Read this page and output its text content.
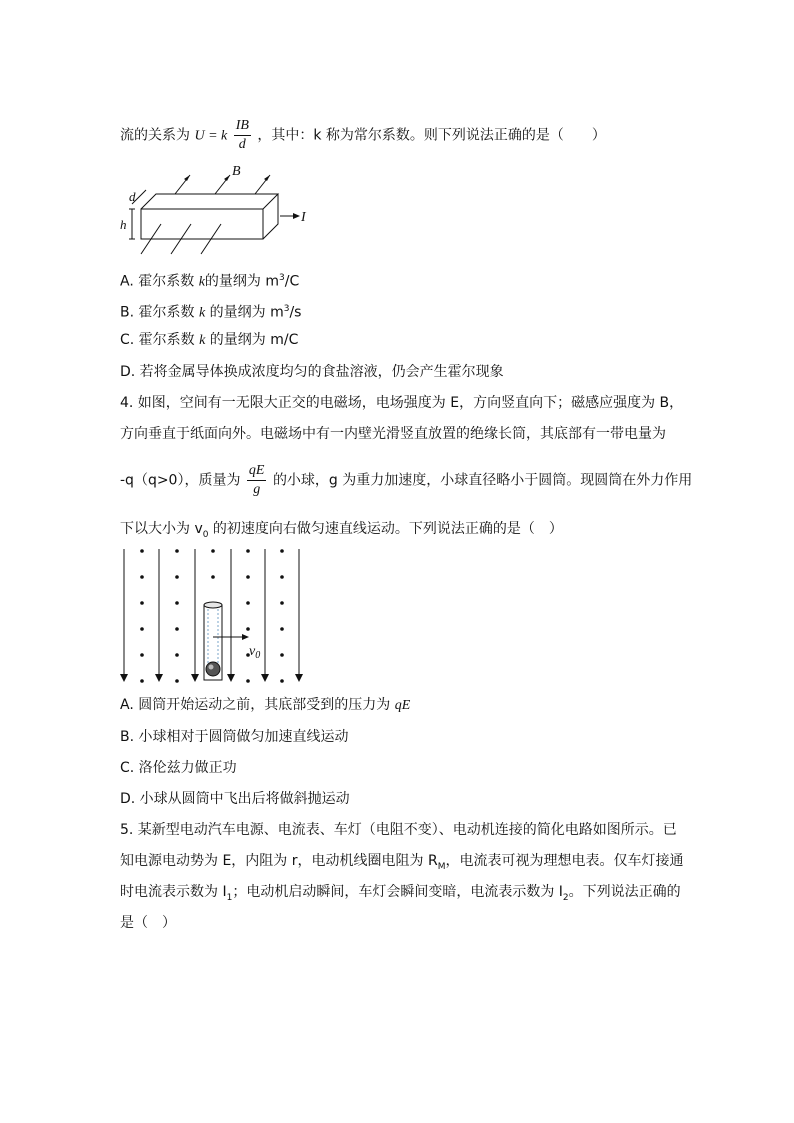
流的关系为 U = k $\frac{IB}{d}$ ，其中：k 称为常尔系数。则下列说法正确的是（　　）
B
d
h	I
A. 霍尔系数 k的量纲为 $m^3/C$
B. 霍尔系数 k 的量纲为 $m^3/s$
C. 霍尔系数 k 的量纲为 m/C
D. 若将金属导体换成浓度均匀的食盐溶液，仍会产生霍尔现象
4. 如图，空间有一无限大正交的电磁场，电场强度为 E，方向竖直向下；磁感应强度为 B，
方向垂直于纸面向外。电磁场中有一内壁光滑竖直放置的绝缘长筒，其底部有一带电量为
-q（q>0），质量为 $\frac{qE}{g}$ 的小球，g 为重力加速度，小球直径略小于圆筒。现圆筒在外力作用
下以大小为 $v_0$ 的初速度向右做匀速直线运动。下列说法正确的是（　）
$v_0$
A. 圆筒开始运动之前，其底部受到的压力为 qE
B. 小球相对于圆筒做匀加速直线运动
C. 洛伦兹力做正功
D. 小球从圆筒中飞出后将做斜抛运动
5. 某新型电动汽车电源、电流表、车灯（电阻不变）、电动机连接的简化电路如图所示。已
知电源电动势为 E，内阻为 r，电动机线圈电阻为 $R_M$，电流表可视为理想电表。仅车灯接通
时电流表示数为 $I_1$；电动机启动瞬间，车灯会瞬间变暗，电流表示数为 $I_2$。下列说法正确的
是（　）
